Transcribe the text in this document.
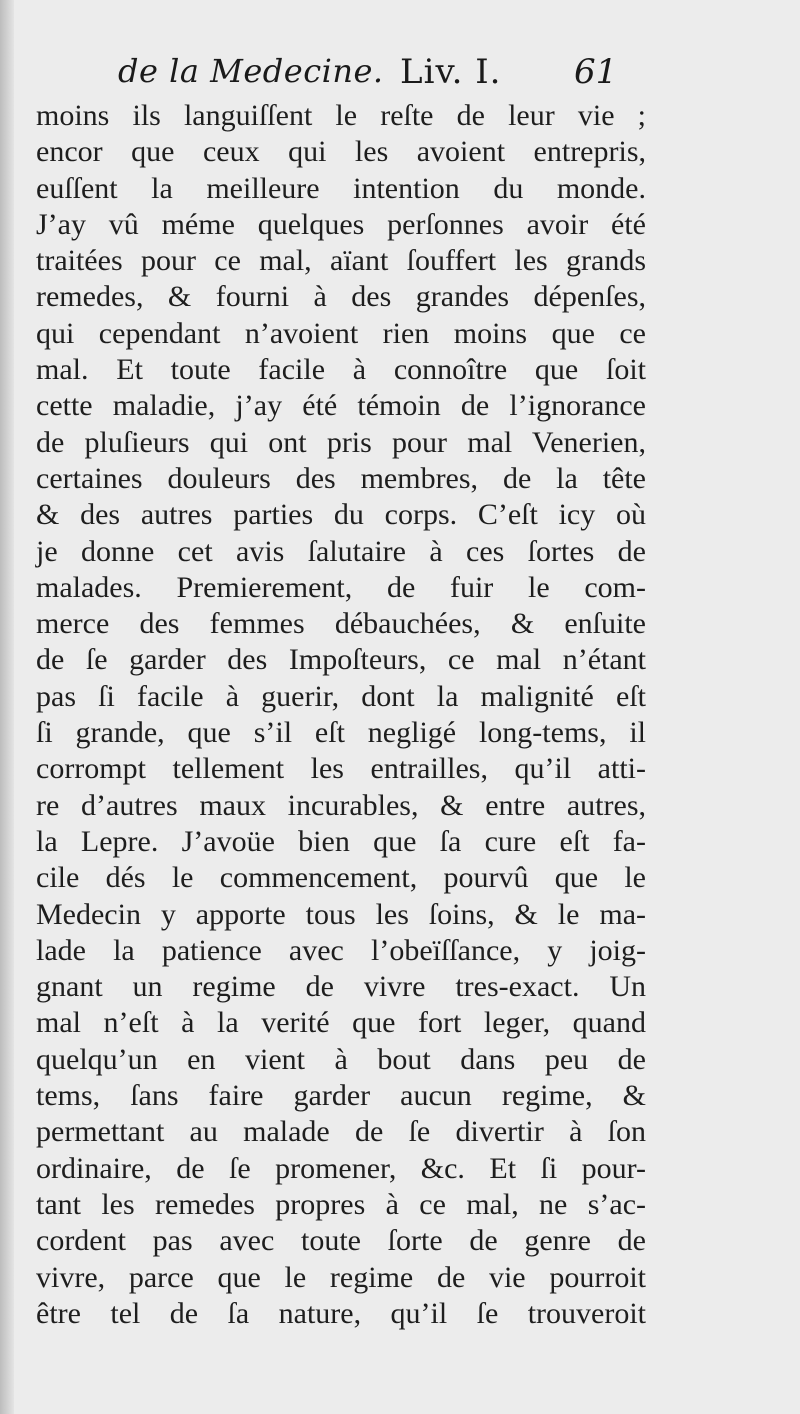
de la Medecine. Liv. I. 61
moins ils languiſſent le reſte de leur vie ;
encor que ceux qui les avoient entrepris,
euſſent la meilleure intention du monde.
J’ay vû méme quelques perſonnes avoir été
traitées pour ce mal, aïant ſouffert les grands
remedes, & fourni à des grandes dépenſes,
qui cependant n’avoient rien moins que ce
mal. Et toute facile à connoître que ſoit
cette maladie, j’ay été témoin de l’ignorance
de pluſieurs qui ont pris pour mal Venerien,
certaines douleurs des membres, de la tête
& des autres parties du corps. C’eſt icy où
je donne cet avis ſalutaire à ces ſortes de
malades. Premierement, de fuir le com-
merce des femmes débauchées, & enſuite
de ſe garder des Impoſteurs, ce mal n’étant
pas ſi facile à guerir, dont la malignité eſt
ſi grande, que s’il eſt negligé long-tems, il
corrompt tellement les entrailles, qu’il atti-
re d’autres maux incurables, & entre autres,
la Lepre. J’avoüe bien que ſa cure eſt fa-
cile dés le commencement, pourvû que le
Medecin y apporte tous les ſoins, & le ma-
lade la patience avec l’obeïſſance, y joig-
gnant un regime de vivre tres-exact. Un
mal n’eſt à la verité que fort leger, quand
quelqu’un en vient à bout dans peu de
tems, ſans faire garder aucun regime, &
permettant au malade de ſe divertir à ſon
ordinaire, de ſe promener, &c. Et ſi pour-
tant les remedes propres à ce mal, ne s’ac-
cordent pas avec toute ſorte de genre de
vivre, parce que le regime de vie pourroit
être tel de ſa nature, qu’il ſe trouveroit
